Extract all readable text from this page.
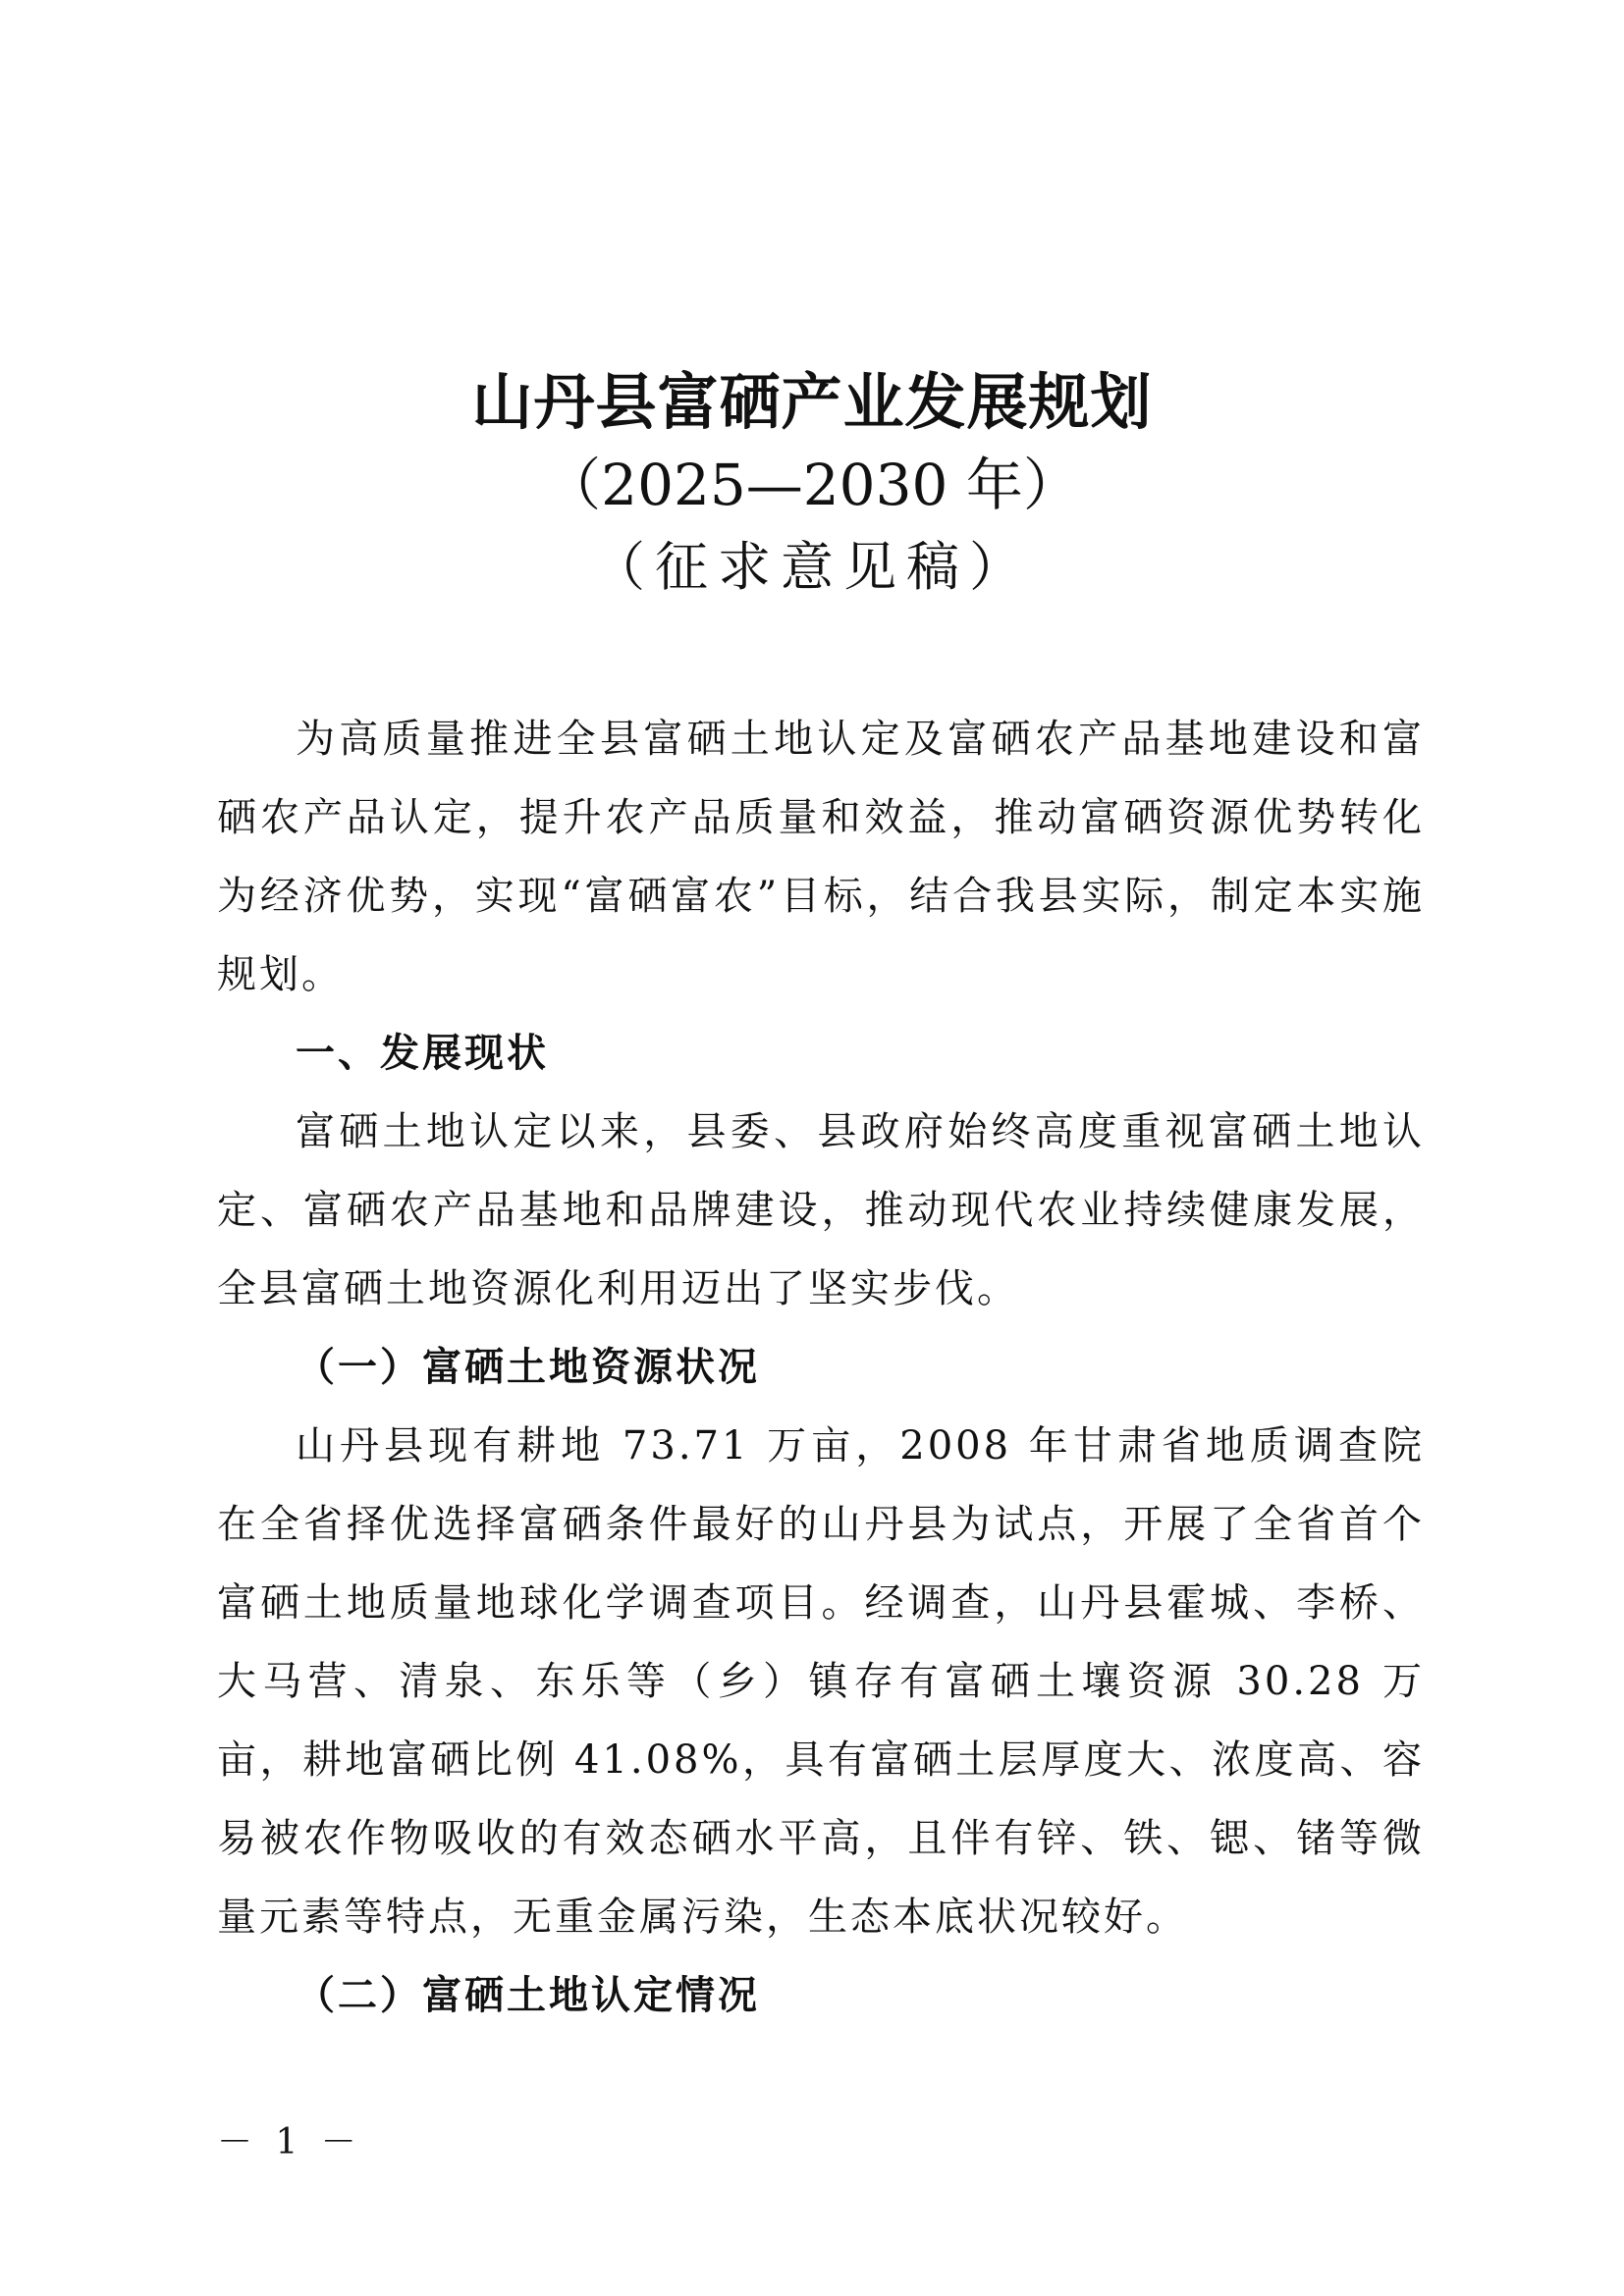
山丹县富硒产业发展规划

（2025—2030 年）

（征求意见稿）

为高质量推进全县富硒土地认定及富硒农产品基地建设和富硒农产品认定，提升农产品质量和效益，推动富硒资源优势转化为经济优势，实现“富硒富农”目标，结合我县实际，制定本实施规划。

一、发展现状

富硒土地认定以来，县委、县政府始终高度重视富硒土地认定、富硒农产品基地和品牌建设，推动现代农业持续健康发展，全县富硒土地资源化利用迈出了坚实步伐。

（一）富硒土地资源状况

山丹县现有耕地 73.71 万亩，2008 年甘肃省地质调查院在全省择优选择富硒条件最好的山丹县为试点，开展了全省首个富硒土地质量地球化学调查项目。经调查，山丹县霍城、李桥、大马营、清泉、东乐等（乡）镇存有富硒土壤资源 30.28 万亩，耕地富硒比例 41.08%，具有富硒土层厚度大、浓度高、容易被农作物吸收的有效态硒水平高，且伴有锌、铁、锶、锗等微量元素等特点，无重金属污染，生态本底状况较好。

（二）富硒土地认定情况

－ 1 －
